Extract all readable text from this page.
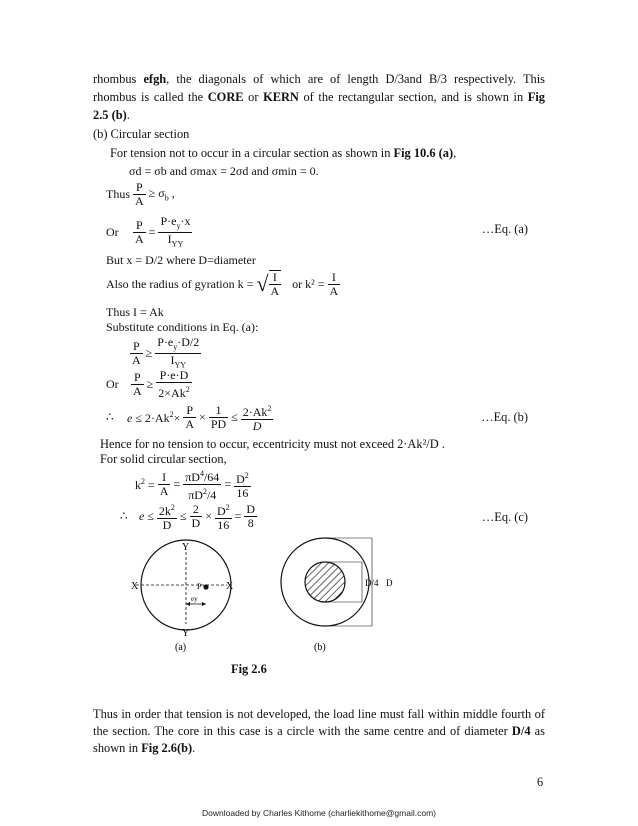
rhombus efgh, the diagonals of which are of length D/3and B/3 respectively. This
rhombus is called the CORE or KERN of the rectangular section, and is shown in Fig
2.5 (b).
(b) Circular section
For tension not to occur in a circular section as shown in Fig 10.6 (a),
σd = σb and σmax = 2σd and σmin = 0.
Thus $\frac{P}{A} \ge \sigma_b$ ,
Or $\frac{P}{A} = \frac{P\cdot e_y\cdot x}{I_{YY}}$	…Eq. (a)
But x = D/2 where D=diameter
Also the radius of gyration k = √ $\frac{I}{A}$ or $k^2 = \frac{I}{A}$
Thus I = Ak
Substitute conditions in Eq. (a):
$\frac{P}{A} \ge \frac{P\cdot e_y\cdot D/2}{I_{YY}}$
Or $\frac{P}{A} \ge \frac{P\cdot e\cdot D}{2\times Ak^2}$
∴ $e \le 2\cdot Ak^2\times \frac{P}{A} \times \frac{1}{PD} \le \frac{2\cdot Ak^2}{D}$	…Eq. (b)
Hence for no tension to occur, eccentricity must not exceed 2·Ak²/D .
For solid circular section,
$k^2 = \frac{I}{A} = \frac{\pi D^4/64}{\pi D^2/4} = \frac{D^2}{16}$
∴ $e \le \frac{2k^2}{D} \le \frac{2}{D} \times \frac{D^2}{16} = \frac{D}{8}$	…Eq. (c)
Y
Y
X	X
P
ey
(a)
D/4 D
(b)
Fig 2.6
Thus in order that tension is not developed, the load line must fall within middle fourth of
the section. The core in this case is a circle with the same centre and of diameter D/4 as
shown in Fig 2.6(b).
6
Downloaded by Charles Kithome (charliekithome@gmail.com)
